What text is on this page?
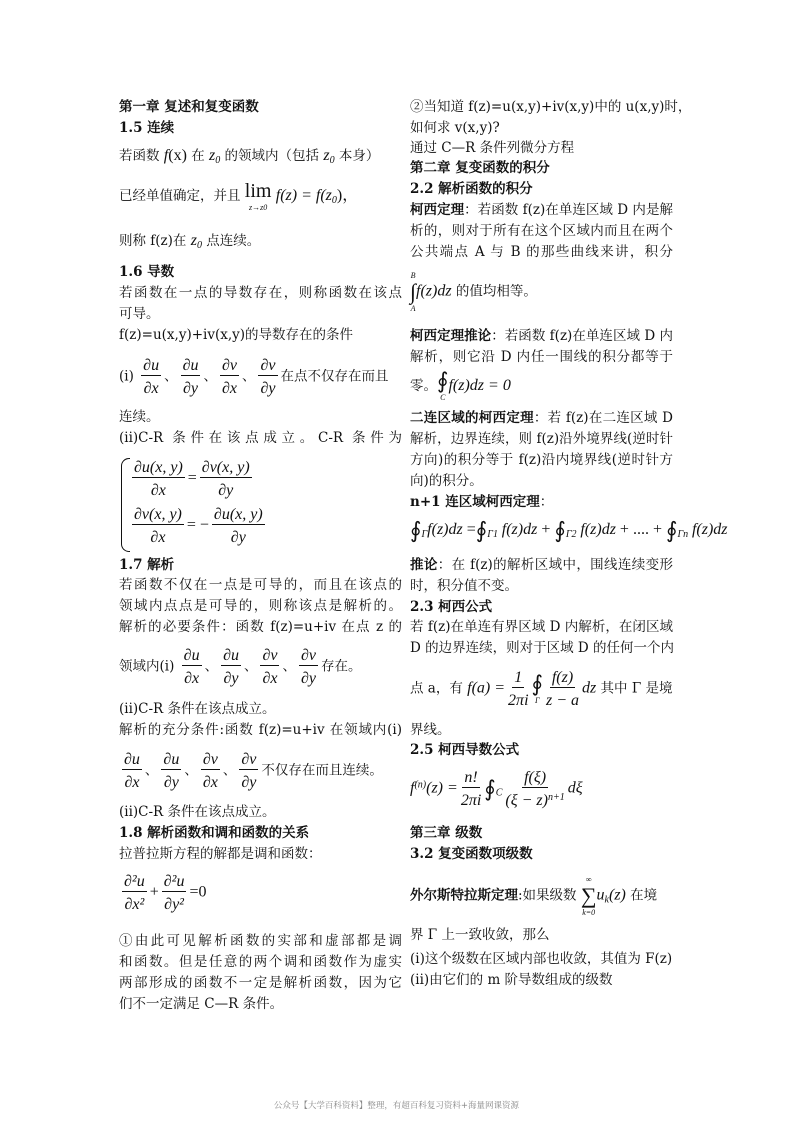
第一章 复述和复变函数
1.5 连续
若函数 f(x) 在 $z_0$ 的领域内（包括 $z_0$ 本身）
已经单值确定，并且 lim
z→z0
$f(z) = f(z_0)$，
则称 f(z)在 $z_0$ 点连续。
1.6 导数
若函数在一点的导数存在，则称函数在该点
可导。
f(z)=u(x,y)+iv(x,y)的导数存在的条件
$(i) \frac{\partial u}{\partial x}$ 、 $\frac{\partial u}{\partial y}$ 、 $\frac{\partial v}{\partial x}$ 、 $\frac{\partial v}{\partial y}$ 在点不仅存在而且
连续。
(ii)C-R 条件在该点成立。C-R 条件为
$\frac{\partial u(x, y)}{\partial x} = \frac{\partial v(x, y)}{\partial y}$
$\frac{\partial v(x, y)}{\partial x}$ = − $\frac{\partial u(x, y)}{\partial y}$
1.7 解析
若函数不仅在一点是可导的，而且在该点的
领域内点点是可导的，则称该点是解析的。
解析的必要条件：函数 f(z)=u+iv 在点 z 的
领域内$(i) \frac{\partial u}{\partial x}$ 、 $\frac{\partial u}{\partial y}$ 、 $\frac{\partial v}{\partial x}$ 、 $\frac{\partial v}{\partial y}$ 存在。
(ii)C-R 条件在该点成立。
解析的充分条件:函数 f(z)=u+iv 在领域内(i)
$\frac{\partial u}{\partial x}$ 、 $\frac{\partial u}{\partial y}$ 、 $\frac{\partial v}{\partial x}$ 、 $\frac{\partial v}{\partial y}$ 不仅存在而且连续。
(ii)C-R 条件在该点成立。
1.8 解析函数和调和函数的关系
拉普拉斯方程的解都是调和函数：
$\frac{\text{∂²u}}{\text{∂x²}} + \frac{\text{∂²u}}{\text{∂y²}} =0$
①由此可见解析函数的实部和虚部都是调
和函数。但是任意的两个调和函数作为虚实
两部形成的函数不一定是解析函数，因为它
们不一定满足 C—R 条件。
②当知道 f(z)=u(x,y)+iv(x,y)中的 u(x,y)时，
如何求 v(x,y)?
通过 C—R 条件列微分方程
第二章 复变函数的积分
2.2 解析函数的积分
柯西定理：若函数 f(z)在单连区域 D 内是解
析的，则对于所有在这个区域内而且在两个
公共端点 A 与 B 的那些曲线来讲，积分
B
∫
A
f(z)dz 的值均相等。
柯西定理推论：若函数 f(z)在单连区域 D 内
解析，则它沿 D 内任一围线的积分都等于
零。 ∮
C
f(z)dz = 0
二连区域的柯西定理：若 f(z)在二连区域 D
解析，边界连续，则 f(z)沿外境界线(逆时针
方向)的积分等于 f(z)沿内境界线(逆时针方
向)的积分。
n+1 连区域柯西定理：
$∮_\Gamma f(z)dz$ $=∮_{\Gamma 1}$ $f(z)dz + ∮_{\Gamma 2}$ f(z)dz + .... + $∮_{\Gamma n}$ f(z)dz
推论：在 f(z)的解析区域中，围线连续变形
时，积分值不变。
2.3 柯西公式
若 f(z)在单连有界区域 D 内解析，在闭区域
D 的边界连续，则对于区域 D 的任何一个内
点 a，有 $f(a) = \frac{1}{2\pi i}$ ∮
Γ $\frac{f(z)}{z - a}$ dz 其中 Γ 是境
界线。
2.5 柯西导数公式
$f^{(n)}(z) = \frac{n!}{2\pi i}$ $∮_C \frac{f(\xi)}{(\xi - z)^{n+1}}$ dξ
第三章 级数
3.2 复变函数项级数
外尔斯特拉斯定理:如果级数
∞
∑
k=0
$u_k(z)$ 在境
界 Γ 上一致收敛，那么
(i)这个级数在区域内部也收敛，其值为 F(z)
(ii)由它们的 m 阶导数组成的级数
公众号【大学百科资料】整理，有超百科复习资料+海量网课资源
